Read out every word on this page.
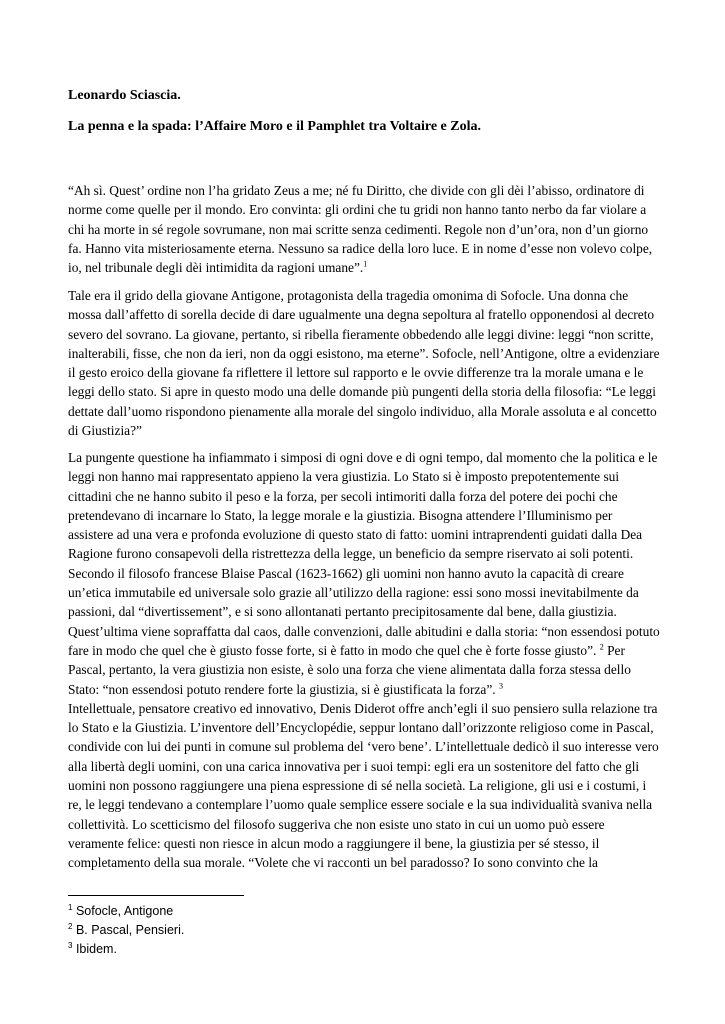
Leonardo Sciascia.
La penna e la spada: l’Affaire Moro e il Pamphlet tra Voltaire e Zola.
“Ah sì. Quest’ ordine non l’ha gridato Zeus a me; né fu Diritto, che divide con gli dèi l’abisso, ordinatore di norme come quelle per il mondo. Ero convinta: gli ordini che tu gridi non hanno tanto nerbo da far violare a chi ha morte in sé regole sovrumane, non mai scritte senza cedimenti. Regole non d’un’ora, non d’un giorno fa. Hanno vita misteriosamente eterna. Nessuno sa radice della loro luce. E in nome d’esse non volevo colpe, io, nel tribunale degli dèi intimidita da ragioni umane”.$^1$
Tale era il grido della giovane Antigone, protagonista della tragedia omonima di Sofocle. Una donna che mossa dall’affetto di sorella decide di dare ugualmente una degna sepoltura al fratello opponendosi al decreto severo del sovrano. La giovane, pertanto, si ribella fieramente obbedendo alle leggi divine: leggi “non scritte, inalterabili, fisse, che non da ieri, non da oggi esistono, ma eterne”. Sofocle, nell’Antigone, oltre a evidenziare il gesto eroico della giovane fa riflettere il lettore sul rapporto e le ovvie differenze tra la morale umana e le leggi dello stato. Si apre in questo modo una delle domande più pungenti della storia della filosofia: “Le leggi dettate dall’uomo rispondono pienamente alla morale del singolo individuo, alla Morale assoluta e al concetto di Giustizia?”
La pungente questione ha infiammato i simposi di ogni dove e di ogni tempo, dal momento che la politica e le leggi non hanno mai rappresentato appieno la vera giustizia. Lo Stato si è imposto prepotentemente sui cittadini che ne hanno subito il peso e la forza, per secoli intimoriti dalla forza del potere dei pochi che pretendevano di incarnare lo Stato, la legge morale e la giustizia. Bisogna attendere l’Illuminismo per assistere ad una vera e profonda evoluzione di questo stato di fatto: uomini intraprendenti guidati dalla Dea Ragione furono consapevoli della ristrettezza della legge, un beneficio da sempre riservato ai soli potenti. Secondo il filosofo francese Blaise Pascal (1623-1662) gli uomini non hanno avuto la capacità di creare un’etica immutabile ed universale solo grazie all’utilizzo della ragione: essi sono mossi inevitabilmente da passioni, dal “divertissement”, e si sono allontanati pertanto precipitosamente dal bene, dalla giustizia. Quest’ultima viene sopraffatta dal caos, dalle convenzioni, dalle abitudini e dalla storia: “non essendosi potuto fare in modo che quel che è giusto fosse forte, si è fatto in modo che quel che è forte fosse giusto”. $^2$ Per Pascal, pertanto, la vera giustizia non esiste, è solo una forza che viene alimentata dalla forza stessa dello Stato: “non essendosi potuto rendere forte la giustizia, si è giustificata la forza”. $^3$Intellettuale, pensatore creativo ed innovativo, Denis Diderot offre anch’egli il suo pensiero sulla relazione tra lo Stato e la Giustizia. L’inventore dell’Encyclopédie, seppur lontano dall’orizzonte religioso come in Pascal, condivide con lui dei punti in comune sul problema del ‘vero bene’. L’intellettuale dedicò il suo interesse vero alla libertà degli uomini, con una carica innovativa per i suoi tempi: egli era un sostenitore del fatto che gli uomini non possono raggiungere una piena espressione di sé nella società. La religione, gli usi e i costumi, i re, le leggi tendevano a contemplare l’uomo quale semplice essere sociale e la sua individualità svaniva nella collettività. Lo scetticismo del filosofo suggeriva che non esiste uno stato in cui un uomo può essere veramente felice: questi non riesce in alcun modo a raggiungere il bene, la giustizia per sé stesso, il completamento della sua morale. “Volete che vi racconti un bel paradosso? Io sono convinto che la
$^1$ Sofocle, Antigone
$^2$ B. Pascal, Pensieri.
$^3$ Ibidem.
